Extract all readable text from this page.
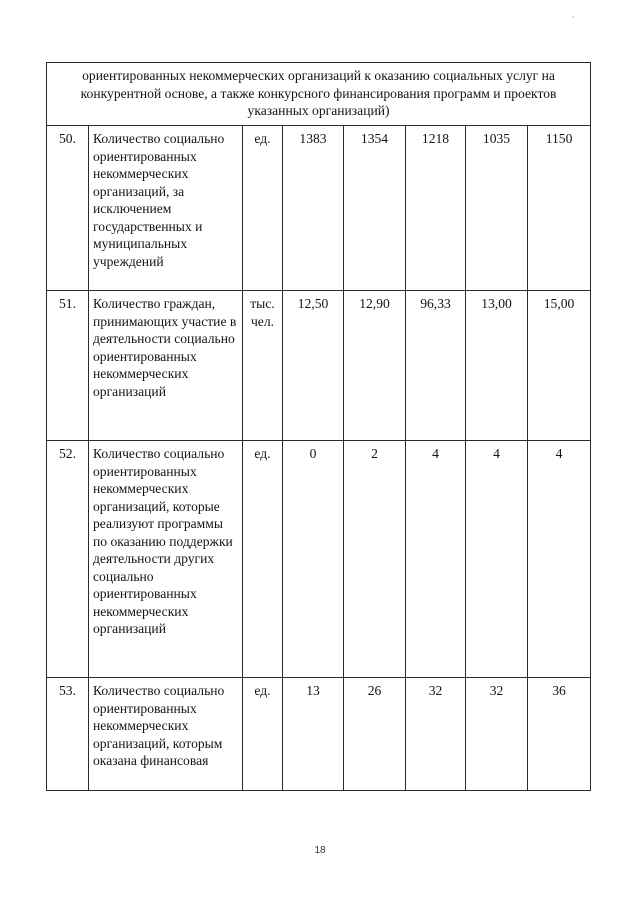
ориентированных некоммерческих организаций к оказанию социальных услуг на конкурентной основе, а также конкурсного финансирования программ и проектов указанных организаций)							
50.	Количество социально ориентированных некоммерческих организаций, за исключением государственных и муниципальных учреждений	ед.	1383	1354	1218	1035	1150
51.	Количество граждан, принимающих участие в деятельности социально ориентированных некоммерческих организаций	тыс. чел.	12,50	12,90	96,33	13,00	15,00
52.	Количество социально ориентированных некоммерческих организаций, которые реализуют программы по оказанию поддержки деятельности других социально ориентированных некоммерческих организаций	ед.	0	2	4	4	4
53.	Количество социально ориентированных некоммерческих организаций, которым оказана финансовая	ед.	13	26	32	32	36
18
